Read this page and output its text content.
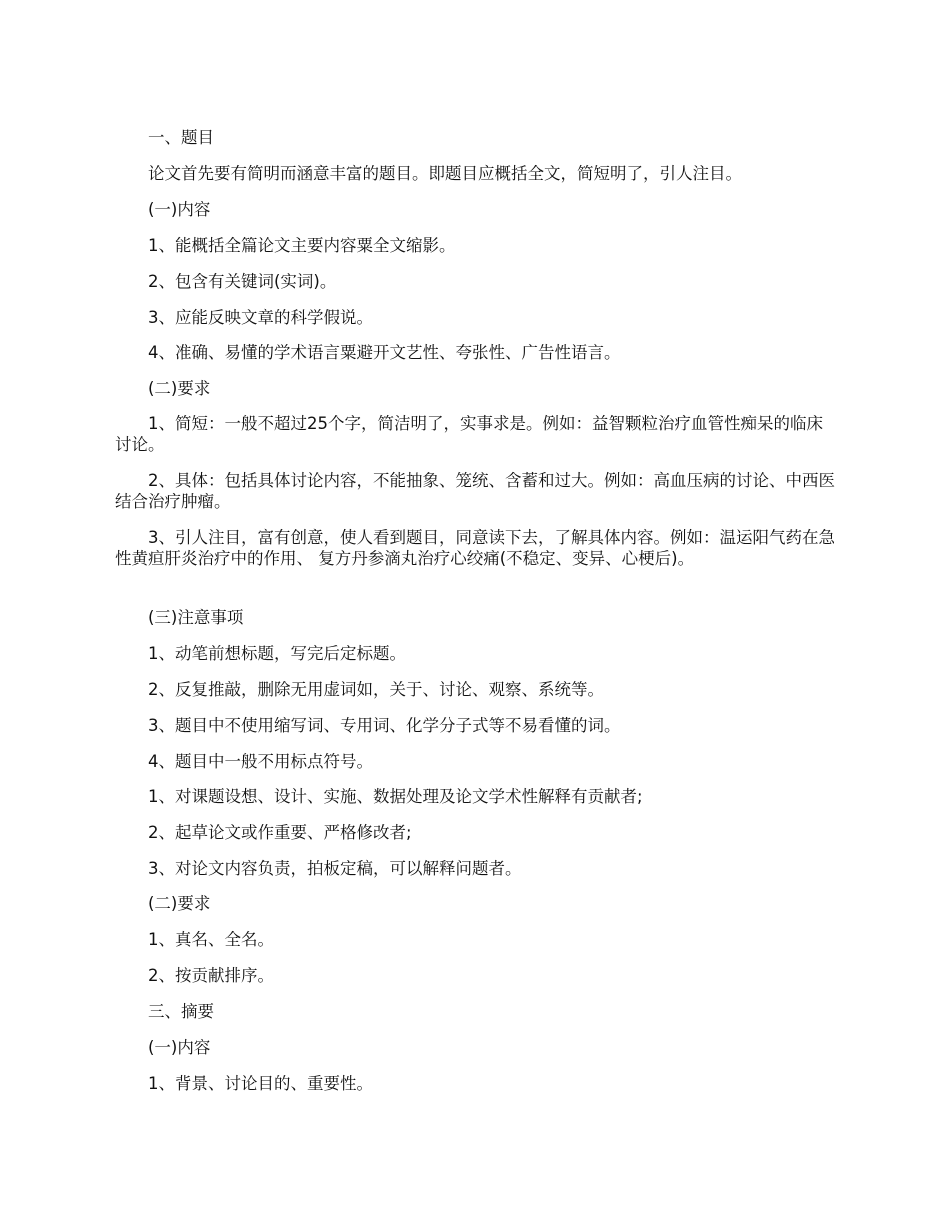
一、题目

论文首先要有简明而涵意丰富的题目。即题目应概括全文，简短明了，引人注目。

(一)内容

1、能概括全篇论文主要内容粟全文缩影。

2、包含有关键词(实词)。

3、应能反映文章的科学假说。

4、准确、易懂的学术语言粟避开文艺性、夸张性、广告性语言。

(二)要求

1、简短：一般不超过25个字，简洁明了，实事求是。例如：益智颗粒治疗血管性痴呆的临床讨论。

2、具体：包括具体讨论内容，不能抽象、笼统、含蓄和过大。例如：高血压病的讨论、中西医结合治疗肿瘤。

3、引人注目，富有创意，使人看到题目，同意读下去，了解具体内容。例如：温运阳气药在急性黄疸肝炎治疗中的作用、 复方丹参滴丸治疗心绞痛(不稳定、变异、心梗后)。

(三)注意事项

1、动笔前想标题，写完后定标题。

2、反复推敲，删除无用虚词如，关于、讨论、观察、系统等。

3、题目中不使用缩写词、专用词、化学分子式等不易看懂的词。

4、题目中一般不用标点符号。

1、对课题设想、设计、实施、数据处理及论文学术性解释有贡献者;

2、起草论文或作重要、严格修改者;

3、对论文内容负责，拍板定稿，可以解释问题者。

(二)要求

1、真名、全名。

2、按贡献排序。

三、摘要

(一)内容

1、背景、讨论目的、重要性。
